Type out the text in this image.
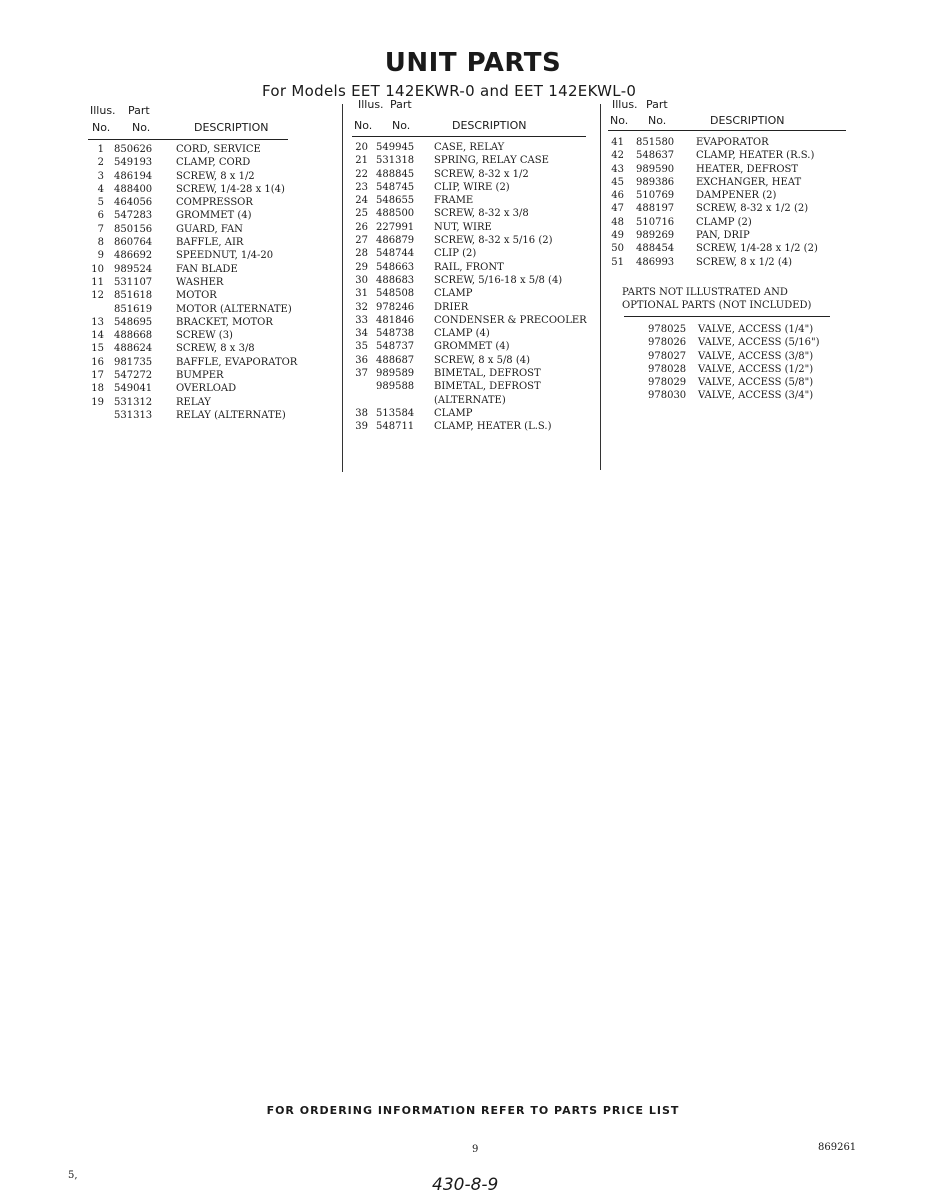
UNIT PARTS
For Models EET 142EKWR-0 and EET 142EKWL-0
Illus.
No.
Part
No.	DESCRIPTION
1 850626 CORD, SERVICE
2 549193 CLAMP, CORD
3 486194 SCREW, 8 x 1/2
4 488400 SCREW, 1/4-28 x 1(4)
5 464056 COMPRESSOR
6 547283 GROMMET (4)
7 850156 GUARD, FAN
8 860764 BAFFLE, AIR
9 486692 SPEEDNUT, 1/4-20
10 989524 FAN BLADE
11 531107 WASHER
12 851618 MOTOR
851619 MOTOR (ALTERNATE)
13 548695 BRACKET, MOTOR
14 488668 SCREW (3)
15 488624 SCREW, 8 x 3/8
16 981735 BAFFLE, EVAPORATOR
17 547272 BUMPER
18 549041 OVERLOAD
19 531312 RELAY
531313 RELAY (ALTERNATE)
Illus.
No.
Part
No.	DESCRIPTION
20 549945 CASE, RELAY
21 531318 SPRING, RELAY CASE
22 488845 SCREW, 8-32 x 1/2
23 548745 CLIP, WIRE (2)
24 548655 FRAME
25 488500 SCREW, 8-32 x 3/8
26 227991 NUT, WIRE
27 486879 SCREW, 8-32 x 5/16 (2)
28 548744 CLIP (2)
29 548663 RAIL, FRONT
30 488683 SCREW, 5/16-18 x 5/8 (4)
31 548508 CLAMP
32 978246 DRIER
33 481846 CONDENSER & PRECOOLER
34 548738 CLAMP (4)
35 548737 GROMMET (4)
36 488687 SCREW, 8 x 5/8 (4)
37 989589 BIMETAL, DEFROST
989588 BIMETAL, DEFROST
(ALTERNATE)
38 513584 CLAMP
39 548711 CLAMP, HEATER (L.S.)
Illus.
No.
Part
No.	DESCRIPTION
41 851580 EVAPORATOR
42 548637 CLAMP, HEATER (R.S.)
43 989590 HEATER, DEFROST
45 989386 EXCHANGER, HEAT
46 510769 DAMPENER (2)
47 488197 SCREW, 8-32 x 1/2 (2)
48 510716 CLAMP (2)
49 989269 PAN, DRIP
50 488454 SCREW, 1/4-28 x 1/2 (2)
51 486993 SCREW, 8 x 1/2 (4)
PARTS NOT ILLUSTRATED AND
OPTIONAL PARTS (NOT INCLUDED)
978025 VALVE, ACCESS (1/4")
978026 VALVE, ACCESS (5/16")
978027 VALVE, ACCESS (3/8")
978028 VALVE, ACCESS (1/2")
978029 VALVE, ACCESS (5/8")
978030 VALVE, ACCESS (3/4")
FOR ORDERING INFORMATION REFER TO PARTS PRICE LIST
9	869261
430-8-9
5,
